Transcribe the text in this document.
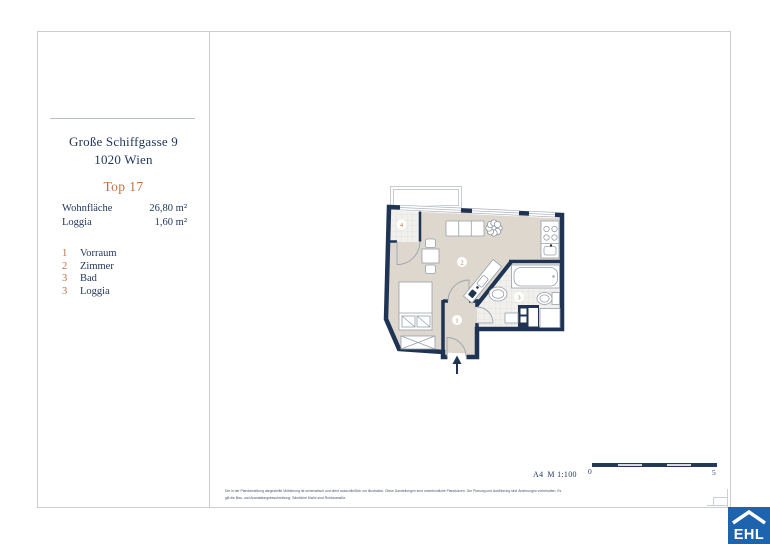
Große Schiffgasse 9
1020 Wien
Top 17
Wohnfläche	26,80 m²
Loggia	1,60 m²
1	Vorraum
2	Zimmer
3	Bad
3	Loggia
4
2
3
1
Die in der Plandarstellung dargestellte Möblierung ist schematisch und dient ausschließlich zur Illustration. Diese Darstellungen sind unverbindliche Planskizzen. Der Planung und Ausführung sind Änderungen vorbehalten. Es
gilt die Bau- und Ausstattungsbeschreibung. Sämtliche Maße sind Rohbaumaße.
A4 M 1:100	0	5
EHL
